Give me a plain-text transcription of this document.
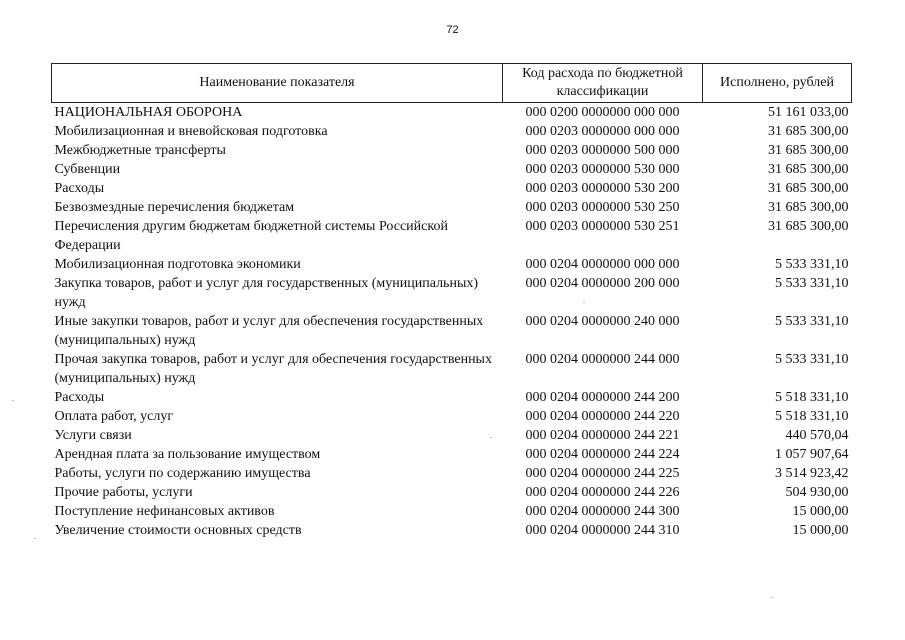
72
Наименование показателя	Код расхода по бюджетной классификации	Исполнено, рублей
НАЦИОНАЛЬНАЯ ОБОРОНА	000 0200 0000000 000 000	51 161 033,00
Мобилизационная и вневойсковая подготовка	000 0203 0000000 000 000	31 685 300,00
Межбюджетные трансферты	000 0203 0000000 500 000	31 685 300,00
Субвенции	000 0203 0000000 530 000	31 685 300,00
Расходы	000 0203 0000000 530 200	31 685 300,00
Безвозмездные перечисления бюджетам	000 0203 0000000 530 250	31 685 300,00
Перечисления другим бюджетам бюджетной системы Российской Федерации	000 0203 0000000 530 251	31 685 300,00
Мобилизационная подготовка экономики	000 0204 0000000 000 000	5 533 331,10
Закупка товаров, работ и услуг для государственных (муниципальных) нужд	000 0204 0000000 200 000	5 533 331,10
Иные закупки товаров, работ и услуг для обеспечения государственных (муниципальных) нужд	000 0204 0000000 240 000	5 533 331,10
Прочая закупка товаров, работ и услуг для обеспечения государственных (муниципальных) нужд	000 0204 0000000 244 000	5 533 331,10
Расходы	000 0204 0000000 244 200	5 518 331,10
Оплата работ, услуг	000 0204 0000000 244 220	5 518 331,10
Услуги связи	000 0204 0000000 244 221	440 570,04
Арендная плата за пользование имуществом	000 0204 0000000 244 224	1 057 907,64
Работы, услуги по содержанию имущества	000 0204 0000000 244 225	3 514 923,42
Прочие работы, услуги	000 0204 0000000 244 226	504 930,00
Поступление нефинансовых активов	000 0204 0000000 244 300	15 000,00
Увеличение стоимости основных средств	000 0204 0000000 244 310	15 000,00
